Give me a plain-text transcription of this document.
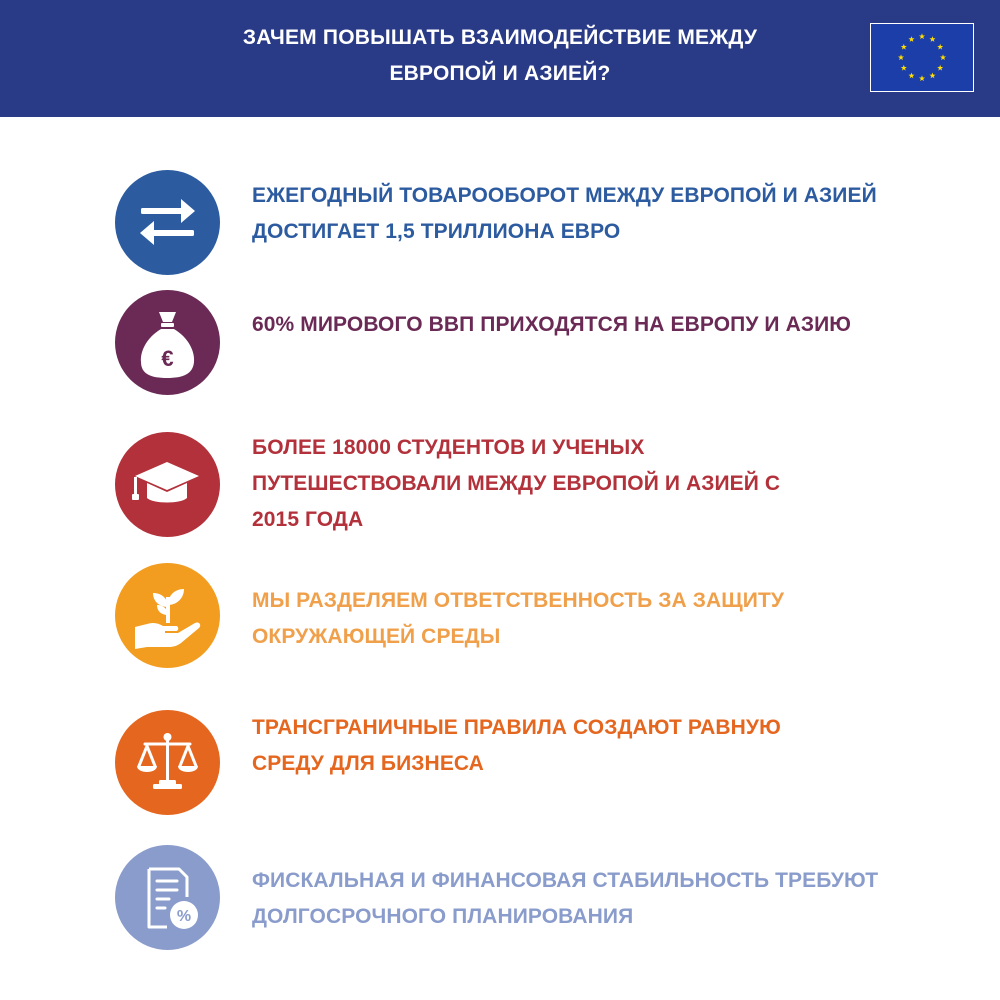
ЗАЧЕМ ПОВЫШАТЬ ВЗАИМОДЕЙСТВИЕ МЕЖДУ
ЕВРОПОЙ И АЗИЕЙ?
ЕЖЕГОДНЫЙ ТОВАРООБОРОТ МЕЖДУ ЕВРОПОЙ И АЗИЕЙ
ДОСТИГАЕТ 1,5 ТРИЛЛИОНА ЕВРО
€
60% МИРОВОГО ВВП ПРИХОДЯТСЯ НА ЕВРОПУ И АЗИЮ
БОЛЕЕ 18000 СТУДЕНТОВ И УЧЕНЫХ
ПУТЕШЕСТВОВАЛИ МЕЖДУ ЕВРОПОЙ И АЗИЕЙ С
2015 ГОДА
МЫ РАЗДЕЛЯЕМ ОТВЕТСТВЕННОСТЬ ЗА ЗАЩИТУ
ОКРУЖАЮЩЕЙ СРЕДЫ
ТРАНСГРАНИЧНЫЕ ПРАВИЛА СОЗДАЮТ РАВНУЮ
СРЕДУ ДЛЯ БИЗНЕСА
%
ФИСКАЛЬНАЯ И ФИНАНСОВАЯ СТАБИЛЬНОСТЬ ТРЕБУЮТ
ДОЛГОСРОЧНОГО ПЛАНИРОВАНИЯ
